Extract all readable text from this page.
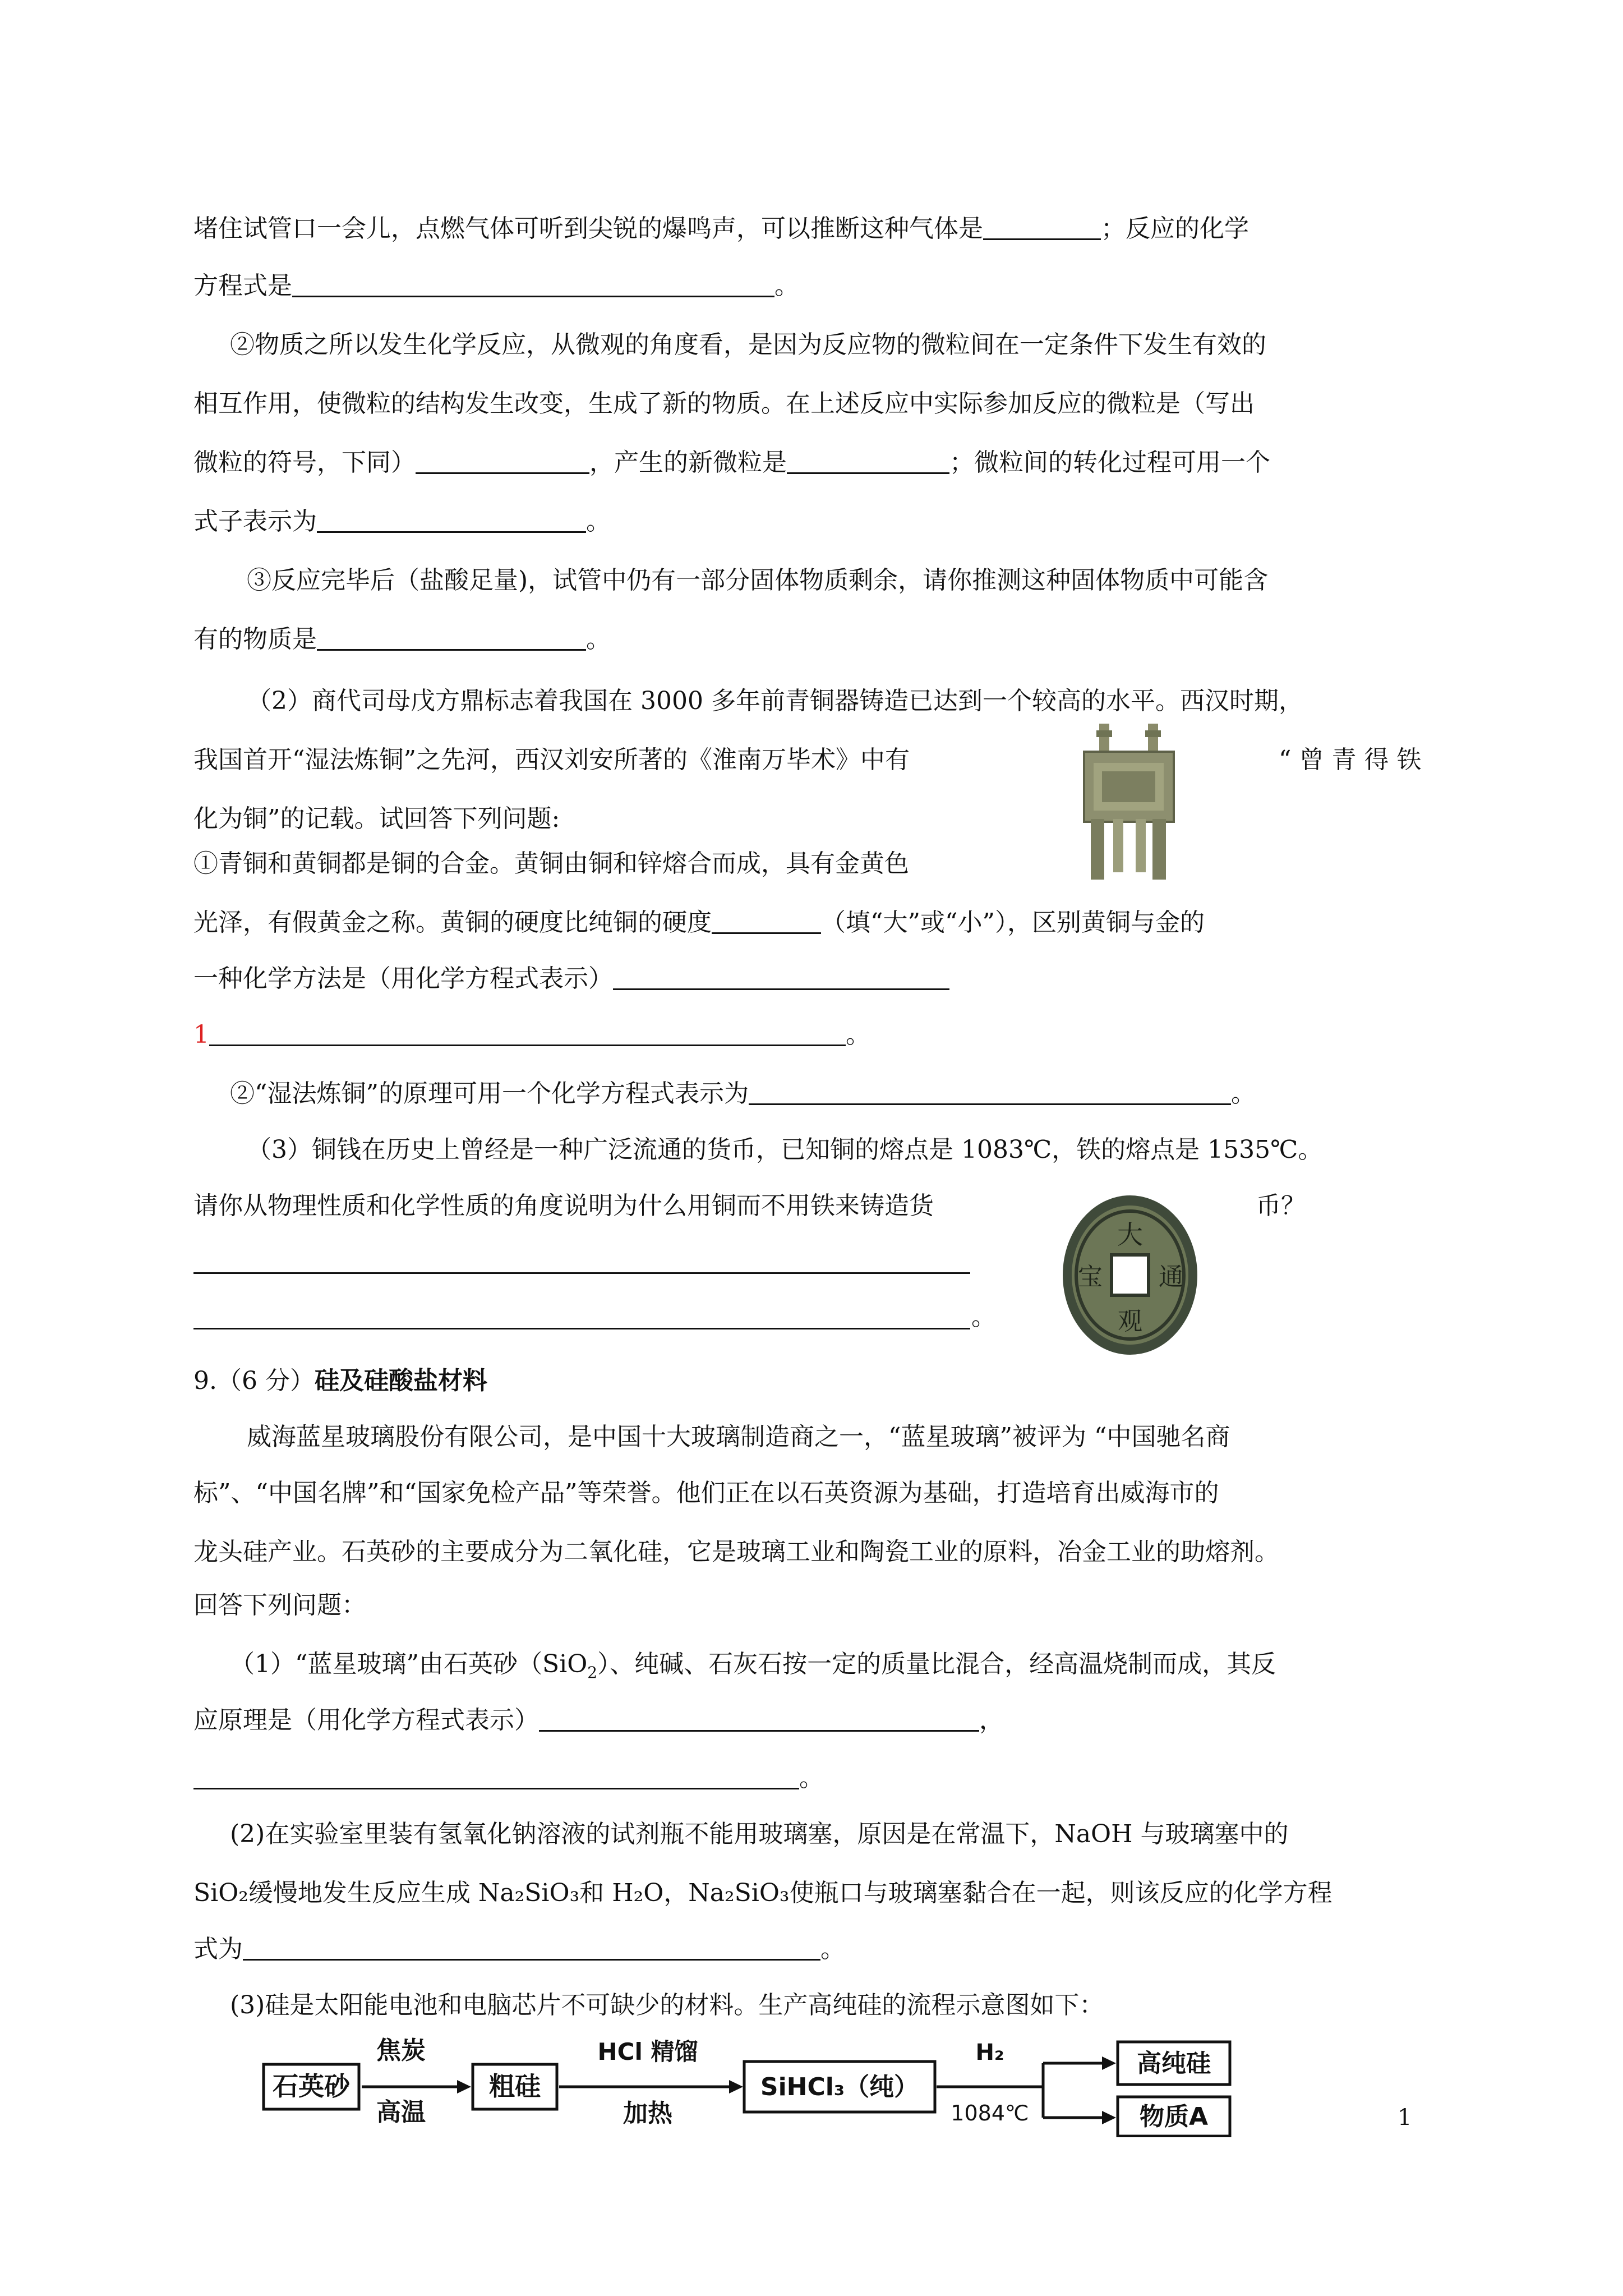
堵住试管口一会儿，点燃气体可听到尖锐的爆鸣声，可以推断这种气体是	；反应的化学
方程式是	。
②物质之所以发生化学反应，从微观的角度看，是因为反应物的微粒间在一定条件下发生有效的
相互作用，使微粒的结构发生改变，生成了新的物质。在上述反应中实际参加反应的微粒是（写出
微粒的符号，下同）	，产生的新微粒是	；微粒间的转化过程可用一个
式子表示为	。
③反应完毕后（盐酸足量)，试管中仍有一部分固体物质剩余，请你推测这种固体物质中可能含
有的物质是	。
（2）商代司母戊方鼎标志着我国在 3000 多年前青铜器铸造已达到一个较高的水平。西汉时期，
我国首开“湿法炼铜”之先河，西汉刘安所著的《淮南万毕术》中有	“ 曾 青 得 铁
化为铜”的记载。试回答下列问题:
①青铜和黄铜都是铜的合金。黄铜由铜和锌熔合而成，具有金黄色
光泽，有假黄金之称。黄铜的硬度比纯铜的硬度	（填“大”或“小”），区别黄铜与金的
一种化学方法是（用化学方程式表示）
1	。
②“湿法炼铜”的原理可用一个化学方程式表示为	。
（3）铜钱在历史上曾经是一种广泛流通的货币，已知铜的熔点是 1083℃，铁的熔点是 1535℃。
请你从物理性质和化学性质的角度说明为什么用铜而不用铁来铸造货	币？
大
通
观
宝
。
9.（6 分）硅及硅酸盐材料
威海蓝星玻璃股份有限公司，是中国十大玻璃制造商之一，“蓝星玻璃”被评为 “中国驰名商
标”、“中国名牌”和“国家免检产品”等荣誉。他们正在以石英资源为基础，打造培育出威海市的
龙头硅产业。石英砂的主要成分为二氧化硅，它是玻璃工业和陶瓷工业的原料，冶金工业的助熔剂。
回答下列问题：
（1）“蓝星玻璃”由石英砂（SiO$_2$）、纯碱、石灰石按一定的质量比混合，经高温烧制而成，其反
应原理是（用化学方程式表示）	，
。
(2)在实验室里装有氢氧化钠溶液的试剂瓶不能用玻璃塞，原因是在常温下，NaOH 与玻璃塞中的
SiO₂缓慢地发生反应生成 Na₂SiO₃和 H₂O，Na₂SiO₃使瓶口与玻璃塞黏合在一起，则该反应的化学方程
式为	。
(3)硅是太阳能电池和电脑芯片不可缺少的材料。生产高纯硅的流程示意图如下：
石英砂
焦炭
高温
粗硅
HCl 精馏
加热
SiHCl₃（纯）
H₂
1084℃
高纯硅
物质A	1
